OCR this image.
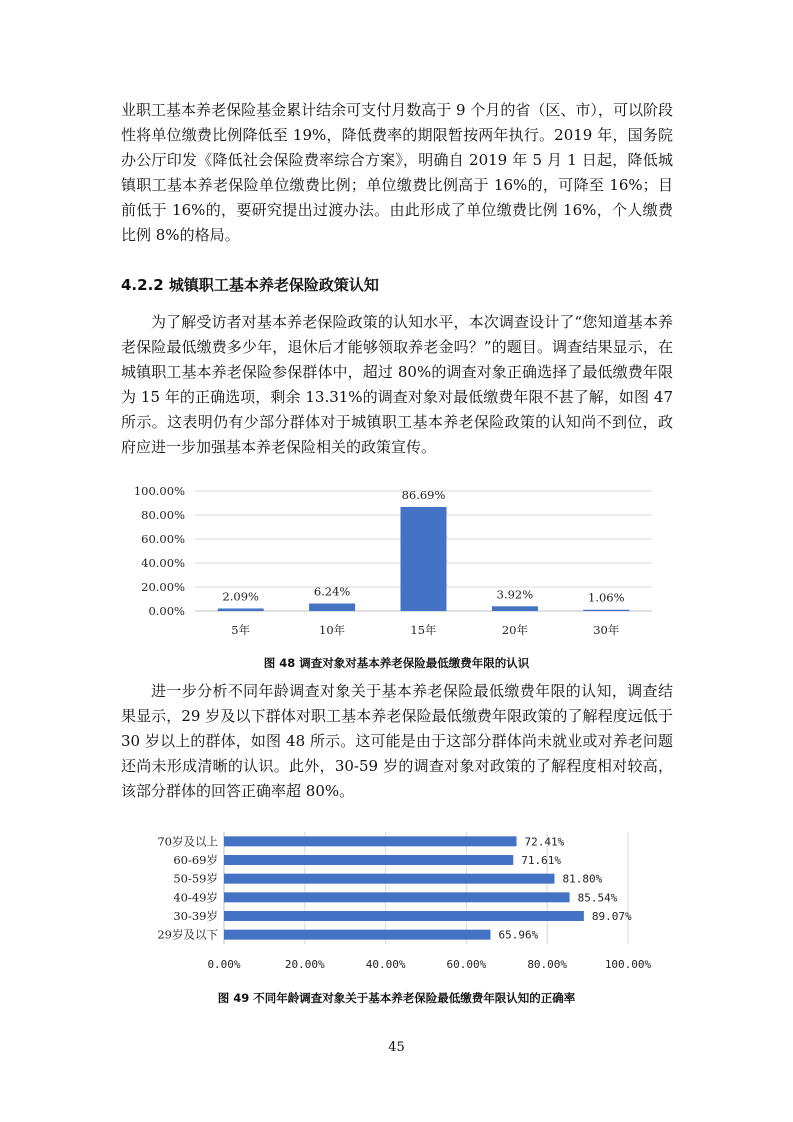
业职工基本养老保险基金累计结余可支付月数高于 9 个月的省（区、市），可以阶段性将单位缴费比例降低至 19%，降低费率的期限暂按两年执行。2019 年，国务院办公厅印发《降低社会保险费率综合方案》，明确自 2019 年 5 月 1 日起，降低城镇职工基本养老保险单位缴费比例；单位缴费比例高于 16%的，可降至 16%；目前低于 16%的，要研究提出过渡办法。由此形成了单位缴费比例 16%，个人缴费比例 8%的格局。

4.2.2 城镇职工基本养老保险政策认知

为了解受访者对基本养老保险政策的认知水平，本次调查设计了“您知道基本养老保险最低缴费多少年，退休后才能够领取养老金吗？”的题目。调查结果显示，在城镇职工基本养老保险参保群体中，超过 80%的调查对象正确选择了最低缴费年限为 15 年的正确选项，剩余 13.31%的调查对象对最低缴费年限不甚了解，如图 47 所示。这表明仍有少部分群体对于城镇职工基本养老保险政策的认知尚不到位，政府应进一步加强基本养老保险相关的政策宣传。

0.00%
20.00%
40.00%
60.00%
80.00%
100.00%
2.09%
5年
6.24%
10年
86.69%
15年
3.92%
20年
1.06%
30年

图 48 调查对象对基本养老保险最低缴费年限的认识

进一步分析不同年龄调查对象关于基本养老保险最低缴费年限的认知，调查结果显示，29 岁及以下群体对职工基本养老保险最低缴费年限政策的了解程度远低于 30 岁以上的群体，如图 48 所示。这可能是由于这部分群体尚未就业或对养老问题还尚未形成清晰的认识。此外，30-59 岁的调查对象对政策的了解程度相对较高，该部分群体的回答正确率超 80%。

0.00%	20.00%	40.00%	60.00%	80.00%	100.00%
72.41%
70岁及以上
71.61%
60-69岁
81.80%
50-59岁
85.54%
40-49岁
89.07%
30-39岁
65.96%
29岁及以下

图 49 不同年龄调查对象关于基本养老保险最低缴费年限认知的正确率

45
